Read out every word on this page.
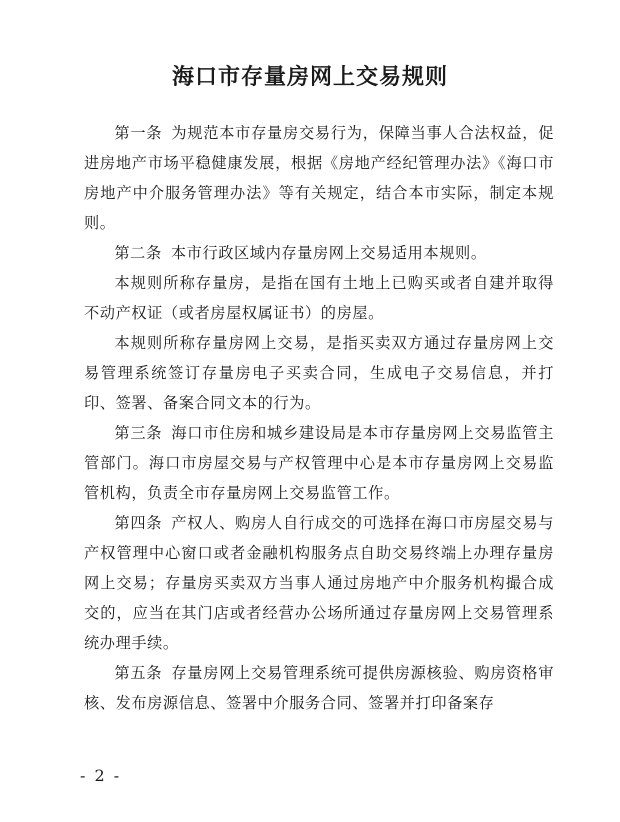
海口市存量房网上交易规则

第一条 为规范本市存量房交易行为，保障当事人合法权益，促进房地产市场平稳健康发展，根据《房地产经纪管理办法》《海口市房地产中介服务管理办法》等有关规定，结合本市实际，制定本规则。

第二条 本市行政区域内存量房网上交易适用本规则。

本规则所称存量房，是指在国有土地上已购买或者自建并取得不动产权证（或者房屋权属证书）的房屋。

本规则所称存量房网上交易，是指买卖双方通过存量房网上交易管理系统签订存量房电子买卖合同，生成电子交易信息，并打印、签署、备案合同文本的行为。

第三条 海口市住房和城乡建设局是本市存量房网上交易监管主管部门。海口市房屋交易与产权管理中心是本市存量房网上交易监管机构，负责全市存量房网上交易监管工作。

第四条 产权人、购房人自行成交的可选择在海口市房屋交易与产权管理中心窗口或者金融机构服务点自助交易终端上办理存量房网上交易；存量房买卖双方当事人通过房地产中介服务机构撮合成交的，应当在其门店或者经营办公场所通过存量房网上交易管理系统办理手续。

第五条 存量房网上交易管理系统可提供房源核验、购房资格审核、发布房源信息、签署中介服务合同、签署并打印备案存

- 2 -
